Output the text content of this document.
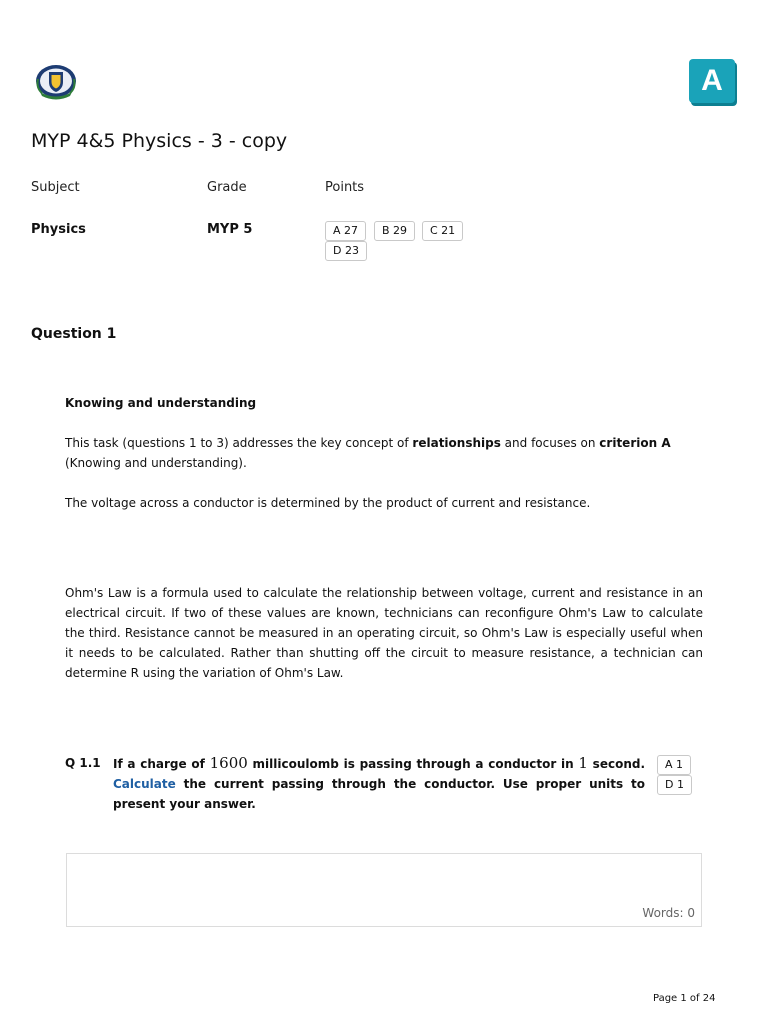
A
MYP 4&5 Physics - 3 - copy
Subject	Grade	Points
Physics	MYP 5	A 27	B 29	C 21
D 23
Question 1
Knowing and understanding
This task (questions 1 to 3) addresses the key concept of relationships and focuses on criterion A (Knowing and understanding).
The voltage across a conductor is determined by the product of current and resistance.
Ohm's Law is a formula used to calculate the relationship between voltage, current and resistance in an electrical circuit. If two of these values are known, technicians can reconfigure Ohm's Law to calculate the third. Resistance cannot be measured in an operating circuit, so Ohm's Law is especially useful when it needs to be calculated. Rather than shutting off the circuit to measure resistance, a technician can determine R using the variation of Ohm's Law.
Q 1.1 If a charge of 1600 millicoulomb is passing through a conductor in 1 second. Calculate the current passing through the conductor. Use proper units to present your answer.
A 1
D 1
Words: 0
Page 1 of 24
